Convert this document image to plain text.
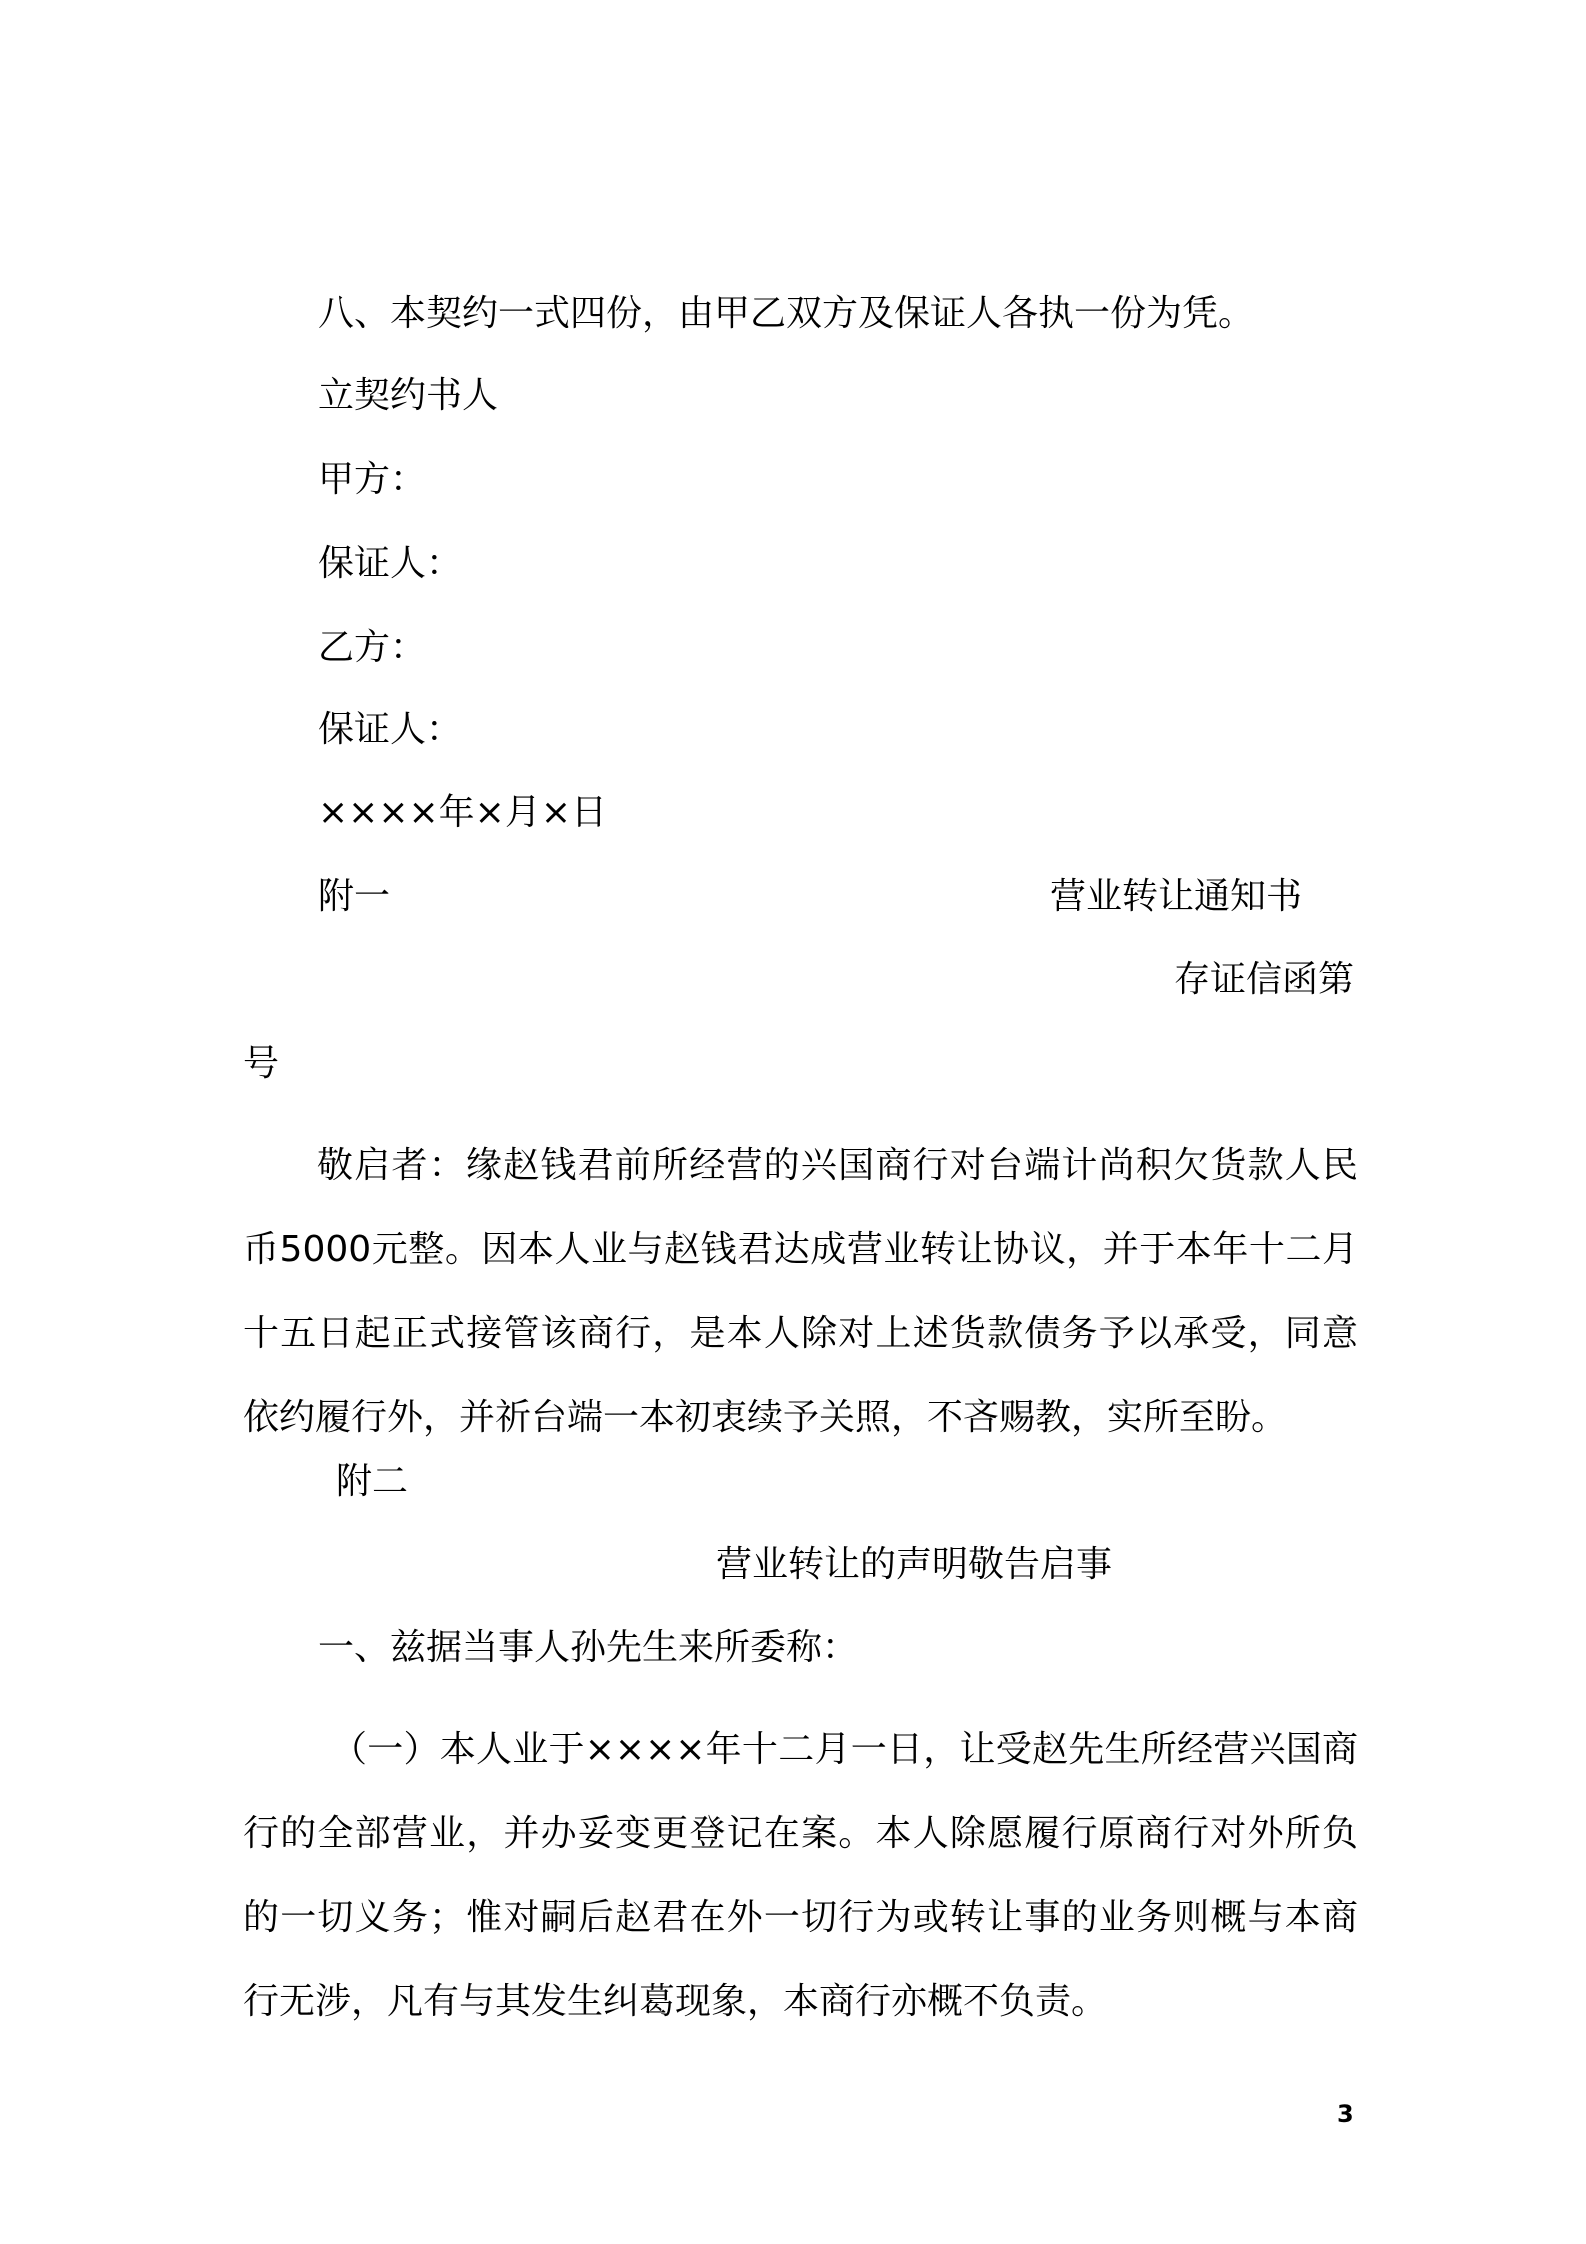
八、本契约一式四份，由甲乙双方及保证人各执一份为凭。
立契约书人
甲方：
保证人：
乙方：
保证人：
××××年×月×日
附一	营业转让通知书
存证信函第
号
敬启者：缘赵钱君前所经营的兴国商行对台端计尚积欠货款人民币5000元整。因本人业与赵钱君达成营业转让协议，并于本年十二月十五日起正式接管该商行，是本人除对上述货款债务予以承受，同意依约履行外，并祈台端一本初衷续予关照，不吝赐教，实所至盼。
附二
营业转让的声明敬告启事
一、兹据当事人孙先生来所委称：
（一）本人业于××××年十二月一日，让受赵先生所经营兴国商行的全部营业，并办妥变更登记在案。本人除愿履行原商行对外所负的一切义务；惟对嗣后赵君在外一切行为或转让事的业务则概与本商行无涉，凡有与其发生纠葛现象，本商行亦概不负责。
3
